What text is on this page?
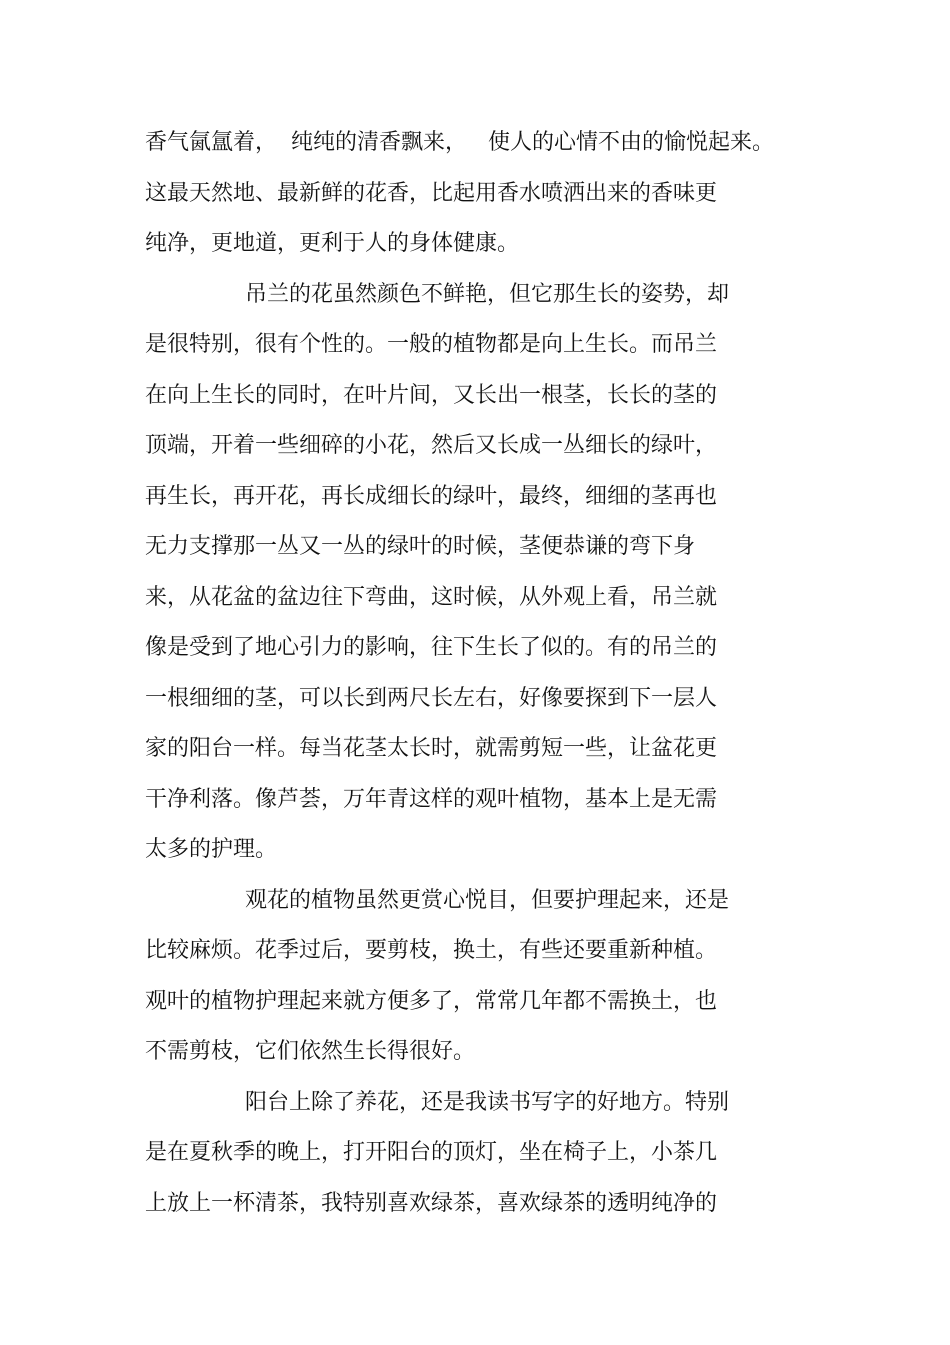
香气氤氲着，  纯纯的清香飘来，   使人的心情不由的愉悦起来。

这最天然地、最新鲜的花香，比起用香水喷洒出来的香味更

纯净，更地道，更利于人的身体健康。

吊兰的花虽然颜色不鲜艳，但它那生长的姿势，却

是很特别，很有个性的。一般的植物都是向上生长。而吊兰

在向上生长的同时，在叶片间，又长出一根茎，长长的茎的

顶端，开着一些细碎的小花，然后又长成一丛细长的绿叶，

再生长，再开花，再长成细长的绿叶，最终，细细的茎再也

无力支撑那一丛又一丛的绿叶的时候，茎便恭谦的弯下身

来，从花盆的盆边往下弯曲，这时候，从外观上看，吊兰就

像是受到了地心引力的影响，往下生长了似的。有的吊兰的

一根细细的茎，可以长到两尺长左右，好像要探到下一层人

家的阳台一样。每当花茎太长时，就需剪短一些，让盆花更

干净利落。像芦荟，万年青这样的观叶植物，基本上是无需

太多的护理。

观花的植物虽然更赏心悦目，但要护理起来，还是

比较麻烦。花季过后，要剪枝，换土，有些还要重新种植。

观叶的植物护理起来就方便多了，常常几年都不需换土，也

不需剪枝，它们依然生长得很好。

阳台上除了养花，还是我读书写字的好地方。特别

是在夏秋季的晚上，打开阳台的顶灯，坐在椅子上，小茶几

上放上一杯清茶，我特别喜欢绿茶，喜欢绿茶的透明纯净的
